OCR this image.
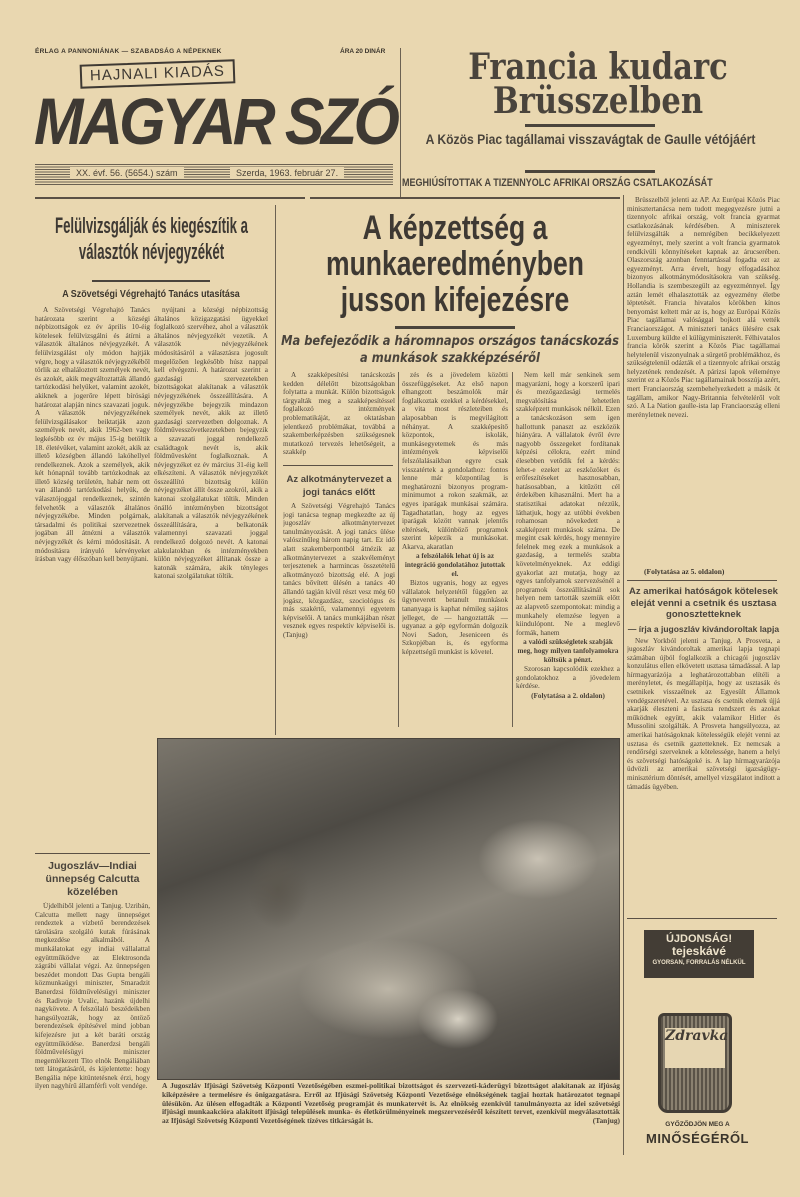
ÉRLAG A PANNONIÁNAK — SZABADSÁG A NÉPEKNEK	ÁRA 20 DINÁR
MAGYAR SZÓ
HAJNALI KIADÁS
XX. évf. 56. (5654.) szám	Szerda, 1963. február 27.
Francia kudarc Brüsszelben
A Közös Piac tagállamai visszavágtak de Gaulle vétójáért
MEGHIÚSÍTOTTAK A TIZENNYOLC AFRIKAI ORSZÁG CSATLAKOZÁSÁT
Felülvizsgálják és kiegészítik a választók névjegyzékét
A Szövetségi Végrehajtó Tanács utasítása

A Szövetségi Végrehajtó Tanács határozata szerint a községi népbizottságok ez év április 10-éig kötelesek felülvizsgálni és átírni a választók általános névjegyzékét. A felülvizsgálást oly módon hajtják végre, hogy a választók névjegyzékéből törlik az elhaláloztott személyek nevét, és azokét, akik megváltoztatták állandó tartózkodási helyüket, valamint azokét, akiknek a jogerőre lépett bírósági határozat alapján nincs szavazati joguk. A választók névjegyzékének felülvizsgálásakor beiktatják azon személyek nevét, akik 1962-ben vagy legkésőbb ez év május 15-ig betöltik 18. életévüket, valamint azokét, akik az illető községben állandó lakóhellyel rendelkeznek. Azok a személyek, akik két hónapnál tovább tartózkodnak az illető község területén, habár nem ott van állandó tartózkodási helyük, de választójoggal rendelkeznek, szintén felvehetők a választók általános névjegyzékébe. Minden polgárnak, társadalmi és politikai szervezetnek jogában áll átnézni a választók névjegyzékét és kérni módosítását. A módosításra irányuló kérvényeket írásban vagy élőszóban kell benyújtani.

nyújtani a községi népbizottság általános közigazgatási ügyekkel foglalkozó szervéhez, ahol a választók általános névjegyzékét vezetik. A választók névjegyzékének módosításáról a választásra jogosult megelőzően legkésőbb húsz nappal kell elvégezni. A határozat szerint a gazdasági szervezetekben bizottságokat alakítanak a választók névjegyzékének összeállítására. A névjegyzékbe bejegyzik mindazon személyek nevét, akik az illető gazdasági szervezetben dolgoznak. A földművesszövetkezetekben bejegyzik a szavazati joggal rendelkező családtagok nevét is, akik földművesként foglalkoznak. A névjegyzéket ez év március 31-éig kell elkészíteni. A választók névjegyzékét összeállító bizottság külön névjegyzéket állít össze azokról, akik a katonai szolgálatukat töltik. Minden önálló intézményben bizottságot alakítanak a választók névjegyzékének összeállítására, a belkatonák valamennyi szavazati joggal rendelkező dolgozó nevét. A katonai alakulatokban és intézményekben külön névjegyzéket állítanak össze a katonák számára, akik tényleges katonai szolgálatukat töltik.

Jugoszláv—Indiai ünnepség Calcutta közelében

Újdelhiből jelenti a Tanjug. Uzribán, Calcutta mellett nagy ünnepséget rendeztek a vízbető berendezések tárolására szolgáló kutak fúrásának megkezdése alkalmából. A munkálatokat egy indiai vállalattal együttműködve az Elektrosonda zágrábi vállalat végzi. Az ünnepségen beszédet mondott Das Gupta bengáli közmunkaügyi miniszter, Smaradzit Banerdzsi földművelésügyi miniszter és Radivoje Uvalic, hazánk újdelhi nagykövete. A felszólaló beszédeikben hangsúlyozták, hogy az öntöző berendezések építésével mind jobban kifejezésre jut a két baráti ország együttműködése. Banerdzsi bengáli földművelésügyi miniszter megemlékezett Tito elnök Bengáliában tett látogatásáról, és kijelentette: hogy Bengália népe kitüntetésnek érzi, hogy ilyen nagyhírű államférfi volt vendége.

A képzettség a munkaeredményben jusson kifejezésre
Ma befejeződik a háromnapos országos tanácskozás a munkások szakképzéséről

A szakképesítési tanácskozás kedden délelőtt bizottságokban folytatta a munkát. Külön bizottságok tárgyalták meg a szakképesítéssel foglalkozó intézmények problematikáját, az oktatásban jelentkező problémákat, továbbá a szakemberképzésben szükségesnek mutatkozó tervezés lehetőségeit, a szakkép

Az alkotmánytervezet a jogi tanács előtt

A Szövetségi Végrehajtó Tanács jogi tanácsa tegnap megkezdte az új jugoszláv alkotmánytervezet tanulmányozását. A jogi tanács ülése valószínűleg három napig tart. Ez idő alatt szakemberpontból átnézik az alkotmánytervezet a szakvéleményt terjesztenek a harmincas összetételű alkotmányozó bizottság elé. A jogi tanács bővített ülésén a tanács 40 állandó tagján kívül részt vesz még 60 jogász, közgazdász, szociológus és más szakértő, valamennyi egyetem képviselői. A tanács munkájában részt vesznek egyes respektív képviselői is. (Tanjug)

zés és a jövedelem közötti összefüggéseket. Az első napon elhangzott beszámolók már foglalkoztak ezekkel a kérdésekkel, a vita most részleteiben és alaposabban is megvilágított néhányat. A szakképesítő központok, iskolák, munkásegyetemek és más intézmények képviselői felszólalásaikban egyre csak visszatértek a gondolathoz: fontos lenne már központilag is meghatározni bizonyos program-minimumot a rokon szakmák, az egyes iparágak munkásai számára. Tagadhatatlan, hogy az egyes iparágak között vannak jelentős eltérések, különböző programok szerint képezik a munkásokat. Akarva, akaratlan

a felszólalók lehat új is az integráció gondolatához jutottak el.

Biztos ugyanis, hogy az egyes vállalatok helyzetétől függően az ügyneverett betanult munkások tananyaga is kaphat némileg sajátos jelleget, de — hangoztatták — ugyanaz a gép egyformán dolgozik Novi Sadon, Jeseniceen és Szkopjéban is, és egyforma képzettségű munkást is követel.

Nem kell már senkinek sem magyarázni, hogy a korszerű ipari és mezőgazdasági termelés megvalósítása lehetetlen szakképzett munkások nélkül. Ezen a tanácskozáson sem igen hallottunk panaszt az eszközök hiányára. A vállalatok évről évre nagyobb összegeket fordítanak képzési célokra, ezért mind élesebben vetődik fel a kérdés: lehet-e ezeket az eszközöket és erőfeszítéseket hasznosabban, hatásosabban, a kitűzött cél érdekében kihasználni. Mert ha a statisztikai adatokat nézzük, láthatjuk, hogy az utóbbi években rohamosan növekedett a szakképzett munkások száma. De megint csak kérdés, hogy mennyire felelnek meg ezek a munkások a gazdaság, a termelés szabta követelményeknek. Az eddigi gyakorlat azt mutatja, hogy az egyes tanfolyamok szervezésénél a programok összeállításánál sok helyen nem tartották szemük előtt az alapvető szempontokat: mindig a munkahely elemzése legyen a kiindulópont. Ne a meglevő formák, hanem

a valódi szükségletek szabják meg, hogy milyen tanfolyamokra költsük a pénzt.

Szorosan kapcsolódik ezekhez a gondolatokhoz a jövedelem kérdése.

(Folytatása a 2. oldalon)

Brüsszelből jelenti az AP. Az Európai Közös Piac minisztertanácsa nem tudott megegyezésre jutni a tizennyolc afrikai ország, volt francia gyarmat csatlakozásának kérdésében. A miniszterek felülvizsgálták a nemrégiben becikkelyezett egyezményt, mely szerint a volt francia gyarmatok rendkívüli könnyítéseket kapnak az árucserében. Olaszország azonban fenntartással fogadta ezt az egyezményt. Arra érvelt, hogy elfogadásához bizonyos alkotmánymódosításokra van szükség. Hollandia is szembeszegült az egyezménnyel. Így aztán lemét elhalasztották az egyezmény életbe léptetését. Francia hivatalos körökben kínos benyomást keltett már az is, hogy az Európai Közös Piac tagállamai valósággal bojkott alá vették Franciaországot. A miniszteri tanács ülésére csak Luxemburg küldte el külügyminiszterét. Félhivatalos francia körök szerint a Közös Piac tagállamai helytelenül viszonyulnak a sürgető problémákhoz, és szükségtelenül odázták el a tizennyolc afrikai ország helyzetének rendezését. A párizsi lapok véleménye szerint ez a Közös Piac tagállamainak bosszúja azért, mert Franciaország szembehelyezkedett a másik öt tagállam, amikor Nagy-Britannia felvételéről volt szó. A La Nation gaulle-ista lap Franciaország elleni merényletnek nevezi.

(Folytatása az 5. oldalon)
Az amerikai hatóságok kötelesek eleját venni a csetnik és usztasa gonosztetteknek
— írja a jugoszláv kivándoroltak lapja

New Yorkból jelenti a Tanjug. A Prosveta, a jugoszláv kivándoroltak amerikai lapja tegnapi számában újból foglalkozik a chicagói jugoszláv konzulátus ellen elkövetett usztasa támadással. A lap hírmagyarázója a leghatározottabban elítéli a merényletet, és megállapítja, hogy az usztasák és csetnikek visszaélnek az Egyesült Államok vendégszeretével. Az usztasa és csetnik elemek újjá akarják éleszteni a fasiszta rendszert és azokat működnek együtt, akik valamikor Hitler és Mussolini szolgálták. A Prosveta hangsúlyozza, az amerikai hatóságoknak kötelességük elejét venni az usztasa és csetnik gaztetteknek. Ez nemcsak a rendőrségi szerveknek a kötelessége, hanem a helyi és szövetségi hatóságoké is. A lap hírmagyarázója üdvözli az amerikai szövetségi igazságügy-minisztérium döntését, amellyel vizsgálatot indított a támadás ügyében.

ÚJDONSÁG!
tejeskávé
GYORSAN, FORRALÁS NÉLKÜL
Zdravka
GYŐZŐDJÖN MEG A
MINŐSÉGÉRŐL
A Jugoszláv Ifjúsági Szövetség Központi Vezetőségében eszmei-politikai bizottságot és szervezeti-káderügyi bizottságot alakítanak az ifjúság kiképzésére a termelésre és önigazgatásra. Erről az Ifjúsági Szövetség Központi Vezetősége elnökségének tagjai hoztak határozatot tegnapi ülésükön. Az ülésen elfogadták a Központi Vezetőség programját és munkatervét is. Az elnökség ezenkívül tanulmányozta az idei szövetségi ifjúsági munkaakcióra alakított ifjúsági települések munka- és életkörülményeinek megszervezéséről készített tervet, ezenkívül megválasztották az Ifjúsági Szövetség Központi Vezetőségének tízéves titkárságát is.	(Tanjug)
